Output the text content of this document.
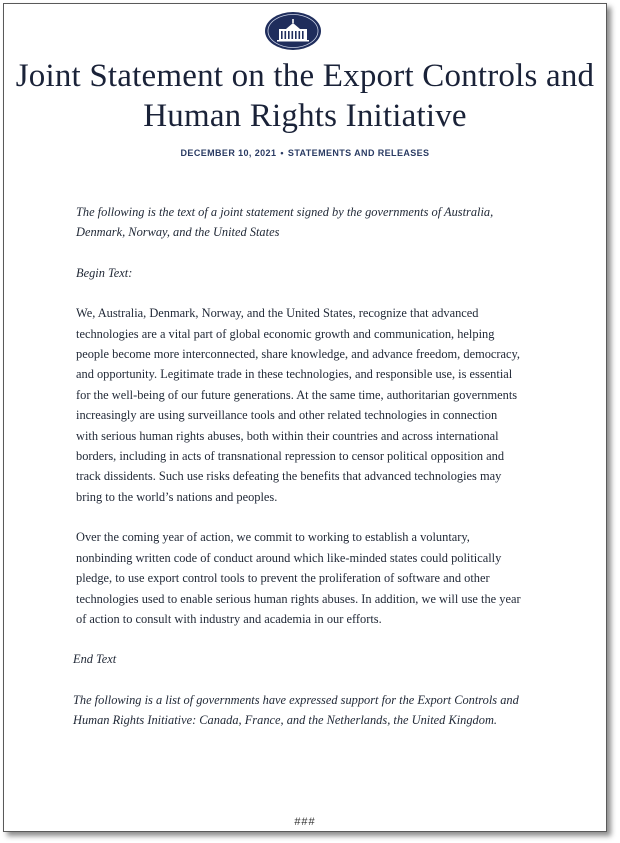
Joint Statement on the Export Controls and Human Rights Initiative
DECEMBER 10, 2021 • STATEMENTS AND RELEASES

The following is the text of a joint statement signed by the governments of Australia, Denmark, Norway, and the United States

Begin Text:

We, Australia, Denmark, Norway, and the United States, recognize that advanced technologies are a vital part of global economic growth and communication, helping people become more interconnected, share knowledge, and advance freedom, democracy, and opportunity. Legitimate trade in these technologies, and responsible use, is essential for the well-being of our future generations. At the same time, authoritarian governments increasingly are using surveillance tools and other related technologies in connection with serious human rights abuses, both within their countries and across international borders, including in acts of transnational repression to censor political opposition and track dissidents. Such use risks defeating the benefits that advanced technologies may bring to the world’s nations and peoples.

Over the coming year of action, we commit to working to establish a voluntary, nonbinding written code of conduct around which like-minded states could politically pledge, to use export control tools to prevent the proliferation of software and other technologies used to enable serious human rights abuses. In addition, we will use the year of action to consult with industry and academia in our efforts.

End Text

The following is a list of governments have expressed support for the Export Controls and Human Rights Initiative: Canada, France, and the Netherlands, the United Kingdom.

###
